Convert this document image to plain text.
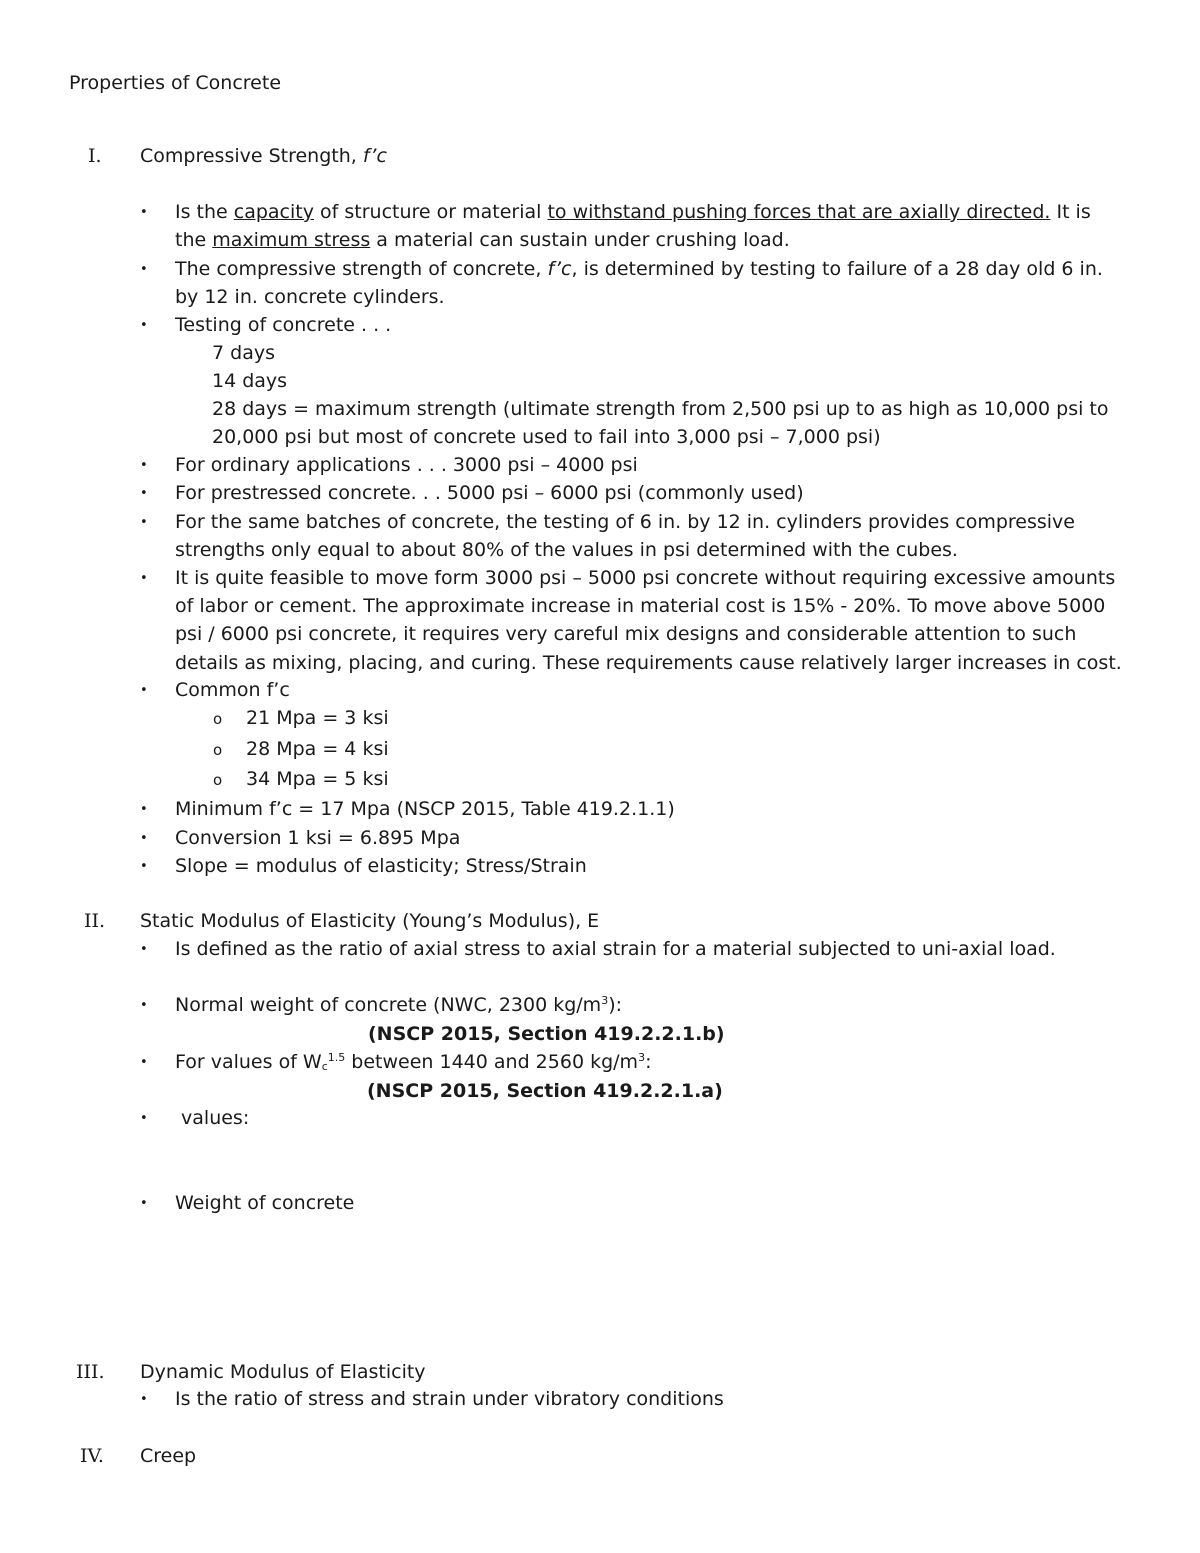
Properties of Concrete
I. Compressive Strength, f’c
• Is the capacity of structure or material to withstand pushing forces that are axially directed. It is
the maximum stress a material can sustain under crushing load.
• The compressive strength of concrete, f’c, is determined by testing to failure of a 28 day old 6 in.
by 12 in. concrete cylinders.
• Testing of concrete . . .
7 days
14 days
28 days = maximum strength (ultimate strength from 2,500 psi up to as high as 10,000 psi to
20,000 psi but most of concrete used to fail into 3,000 psi – 7,000 psi)
• For ordinary applications . . . 3000 psi – 4000 psi
• For prestressed concrete. . . 5000 psi – 6000 psi (commonly used)
• For the same batches of concrete, the testing of 6 in. by 12 in. cylinders provides compressive
strengths only equal to about 80% of the values in psi determined with the cubes.
• It is quite feasible to move form 3000 psi – 5000 psi concrete without requiring excessive amounts
of labor or cement. The approximate increase in material cost is 15% - 20%. To move above 5000
psi / 6000 psi concrete, it requires very careful mix designs and considerable attention to such
details as mixing, placing, and curing. These requirements cause relatively larger increases in cost.
• Common f’c
o 21 Mpa = 3 ksi
o 28 Mpa = 4 ksi
o 34 Mpa = 5 ksi
• Minimum f’c = 17 Mpa (NSCP 2015, Table 419.2.1.1)
• Conversion 1 ksi = 6.895 Mpa
• Slope = modulus of elasticity; Stress/Strain
II. Static Modulus of Elasticity (Young’s Modulus), E
• Is defined as the ratio of axial stress to axial strain for a material subjected to uni-axial load.
• Normal weight of concrete (NWC, 2300 $kg/m^3$):
(NSCP 2015, Section 419.2.2.1.b)
• For values of $W_c^{1.5}$ between 1440 and 2560 $kg/m^3$:
(NSCP 2015, Section 419.2.2.1.a)
• values:
• Weight of concrete
III. Dynamic Modulus of Elasticity
• Is the ratio of stress and strain under vibratory conditions
IV. Creep
